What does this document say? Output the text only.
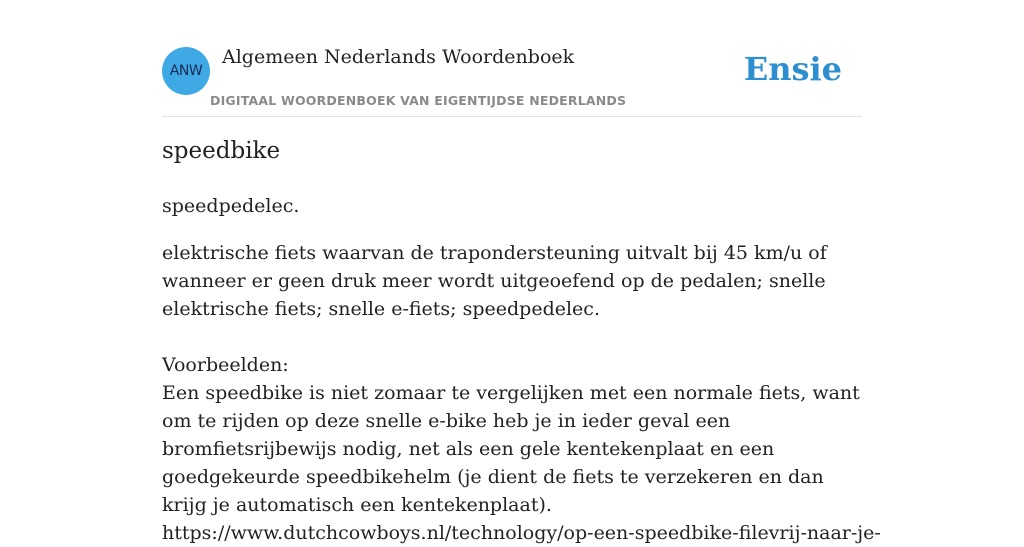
ANW
Algemeen Nederlands Woordenboek
DIGITAAL WOORDENBOEK VAN EIGENTIJDSE NEDERLANDS
Ensie
speedbike

speedpedelec.

elektrische fiets waarvan de trapondersteuning uitvalt bij 45 km/u of wanneer er geen druk meer wordt uitgeoefend op de pedalen; snelle elektrische fiets; snelle e-fiets; speedpedelec.

Voorbeelden:
Een speedbike is niet zomaar te vergelijken met een normale fiets, want om te rijden op deze snelle e-bike heb je in ieder geval een bromfietsrijbewijs nodig, net als een gele kentekenplaat en een goedgekeurde speedbikehelm (je dient de fiets te verzekeren en dan krijg je automatisch een kentekenplaat).
https://www.dutchcowboys.nl/technology/op-een-speedbike-filevrij-naar-je-
